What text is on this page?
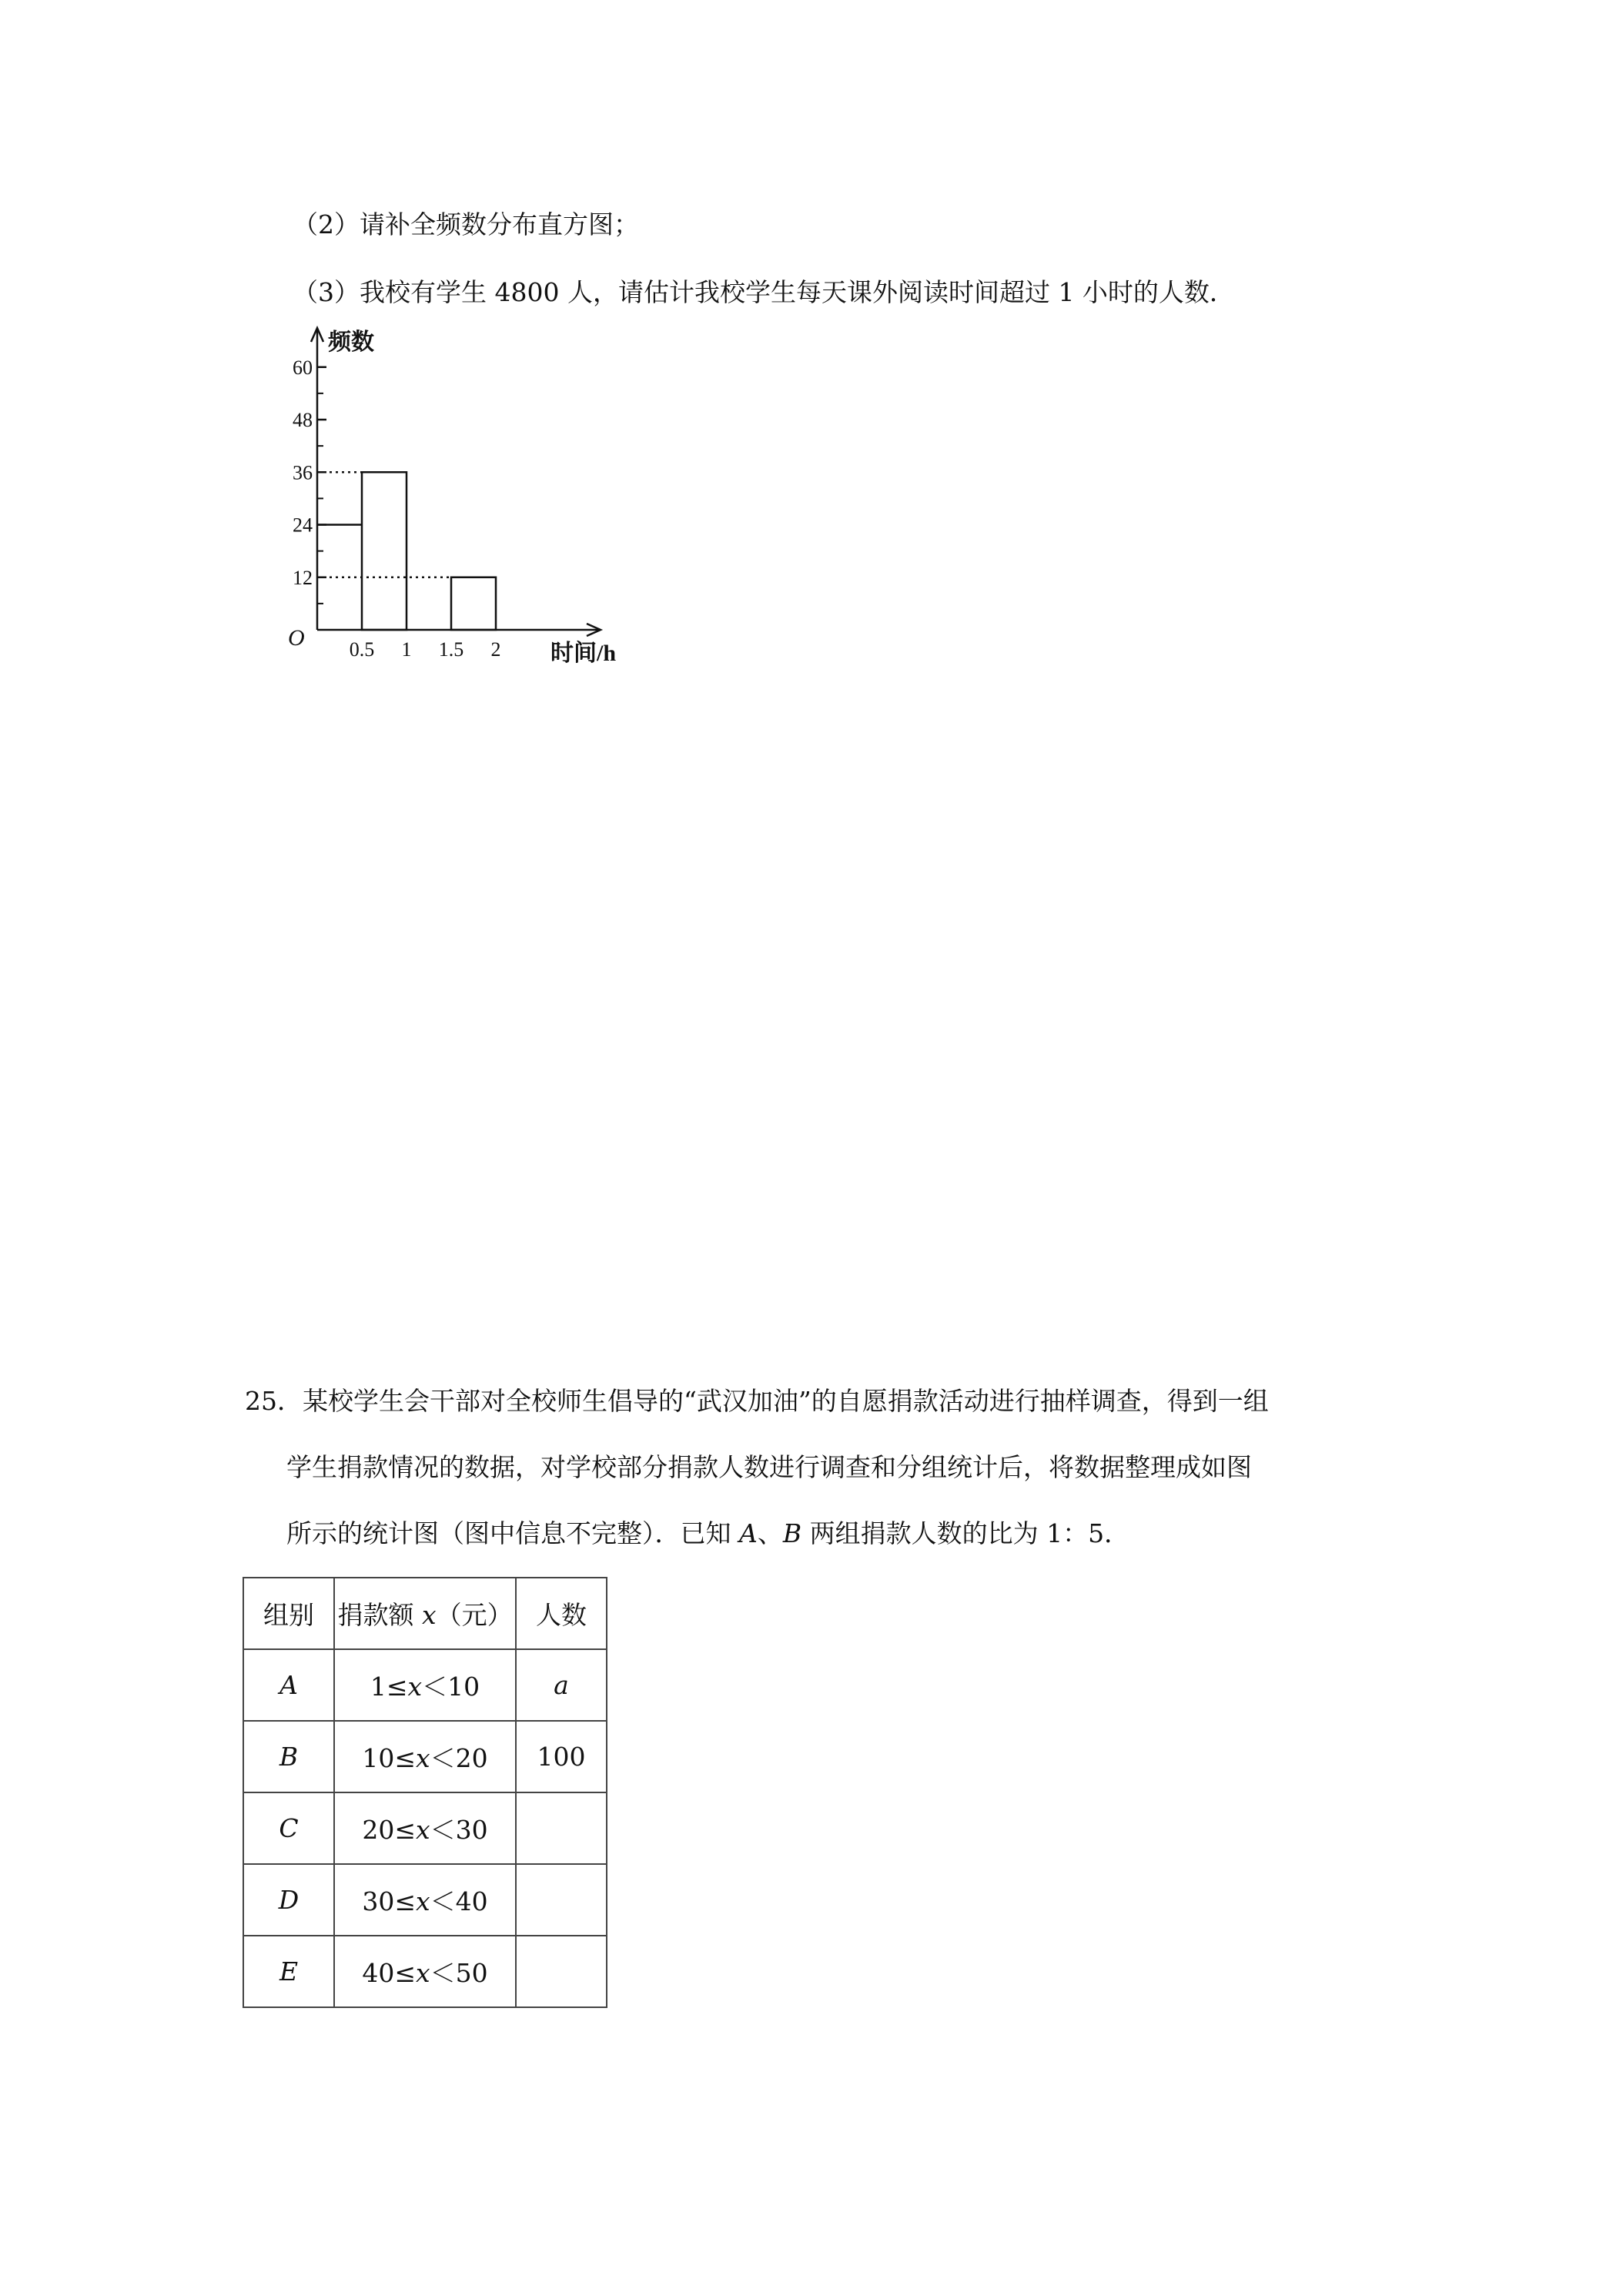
（2）请补全频数分布直方图；
（3）我校有学生 4800 人，请估计我校学生每天课外阅读时间超过 1 小时的人数．
频数
时间/h
O
12
24
36
48
60
0.5 1 1.5 2
25．某校学生会干部对全校师生倡导的“武汉加油”的自愿捐款活动进行抽样调查，得到一组
学生捐款情况的数据，对学校部分捐款人数进行调查和分组统计后，将数据整理成如图
所示的统计图（图中信息不完整）．已知 A、B 两组捐款人数的比为 1：5．
组别	捐款额 x（元）	人数
A	1≤x＜10	a
B	10≤x＜20	100
C	20≤x＜30	
D	30≤x＜40	
E	40≤x＜50	
